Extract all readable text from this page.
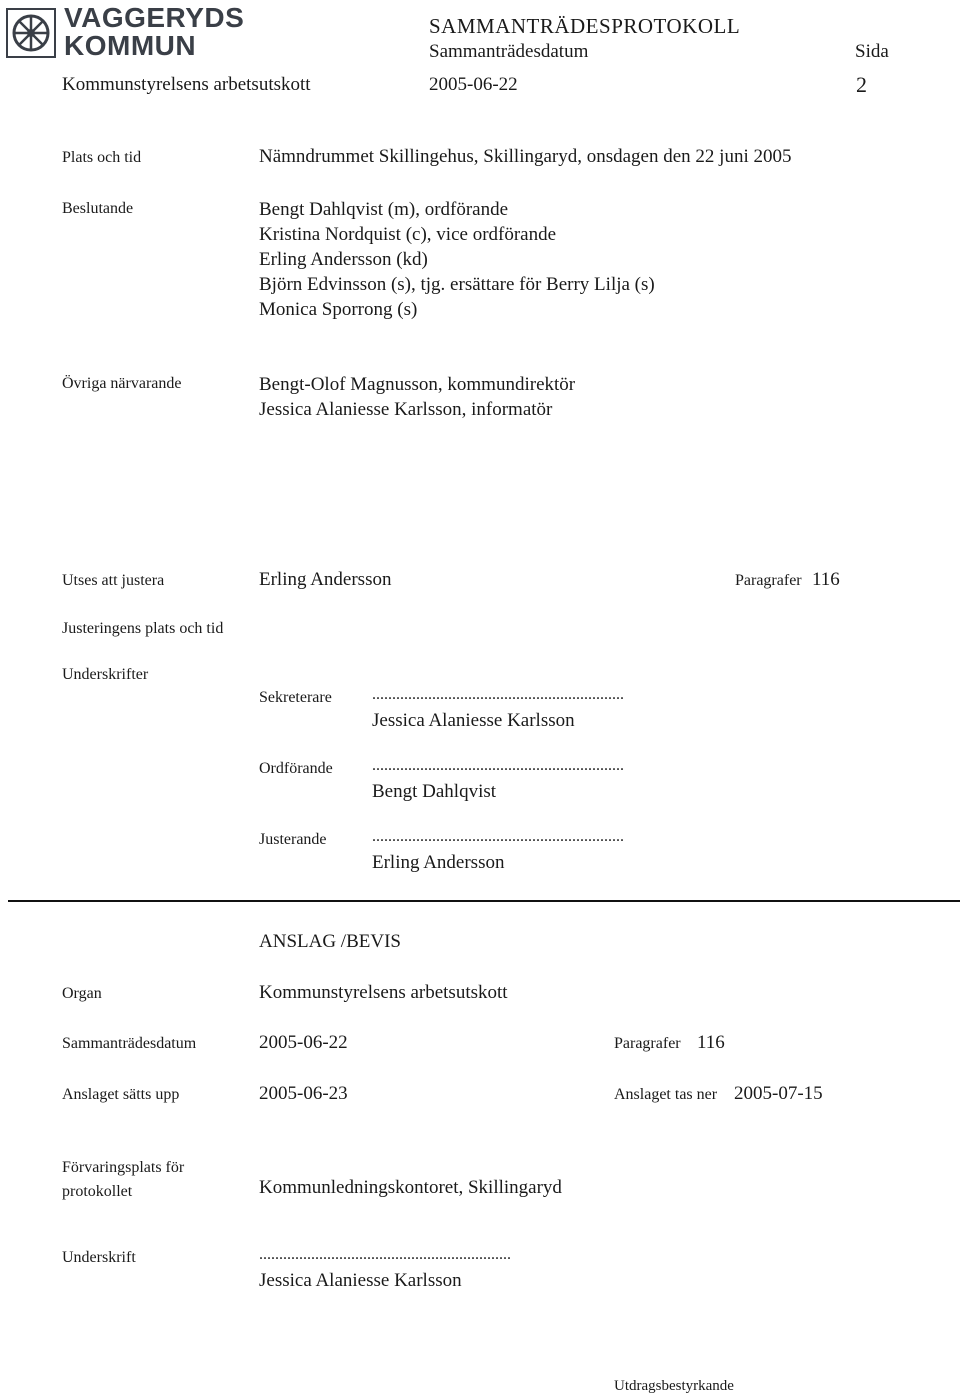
VAGGERYDS
KOMMUN
SAMMANTRÄDESPROTOKOLL
Sammanträdesdatum	Sida
Kommunstyrelsens arbetsutskott	2005-06-22	2
Plats och tid	Nämndrummet Skillingehus, Skillingaryd, onsdagen den 22 juni 2005
Beslutande	Bengt Dahlqvist (m), ordförande
Kristina Nordquist (c), vice ordförande
Erling Andersson (kd)
Björn Edvinsson (s), tjg. ersättare för Berry Lilja (s)
Monica Sporrong (s)
Övriga närvarande	Bengt-Olof Magnusson, kommundirektör
Jessica Alaniesse Karlsson, informatör
Utses att justera	Erling Andersson	Paragrafer 116
Justeringens plats och tid
Underskrifter
Sekreterare	...............................................................
Jessica Alaniesse Karlsson
Ordförande ...............................................................
Bengt Dahlqvist
Justerande	...............................................................
Erling Andersson
ANSLAG /BEVIS
Organ	Kommunstyrelsens arbetsutskott
Sammanträdesdatum	2005-06-22	Paragrafer 116
Anslaget sätts upp	2005-06-23	Anslaget tas ner 2005-07-15
Förvaringsplats för
protokollet	Kommunledningskontoret, Skillingaryd
Underskrift	...............................................................
Jessica Alaniesse Karlsson
Utdragsbestyrkande
